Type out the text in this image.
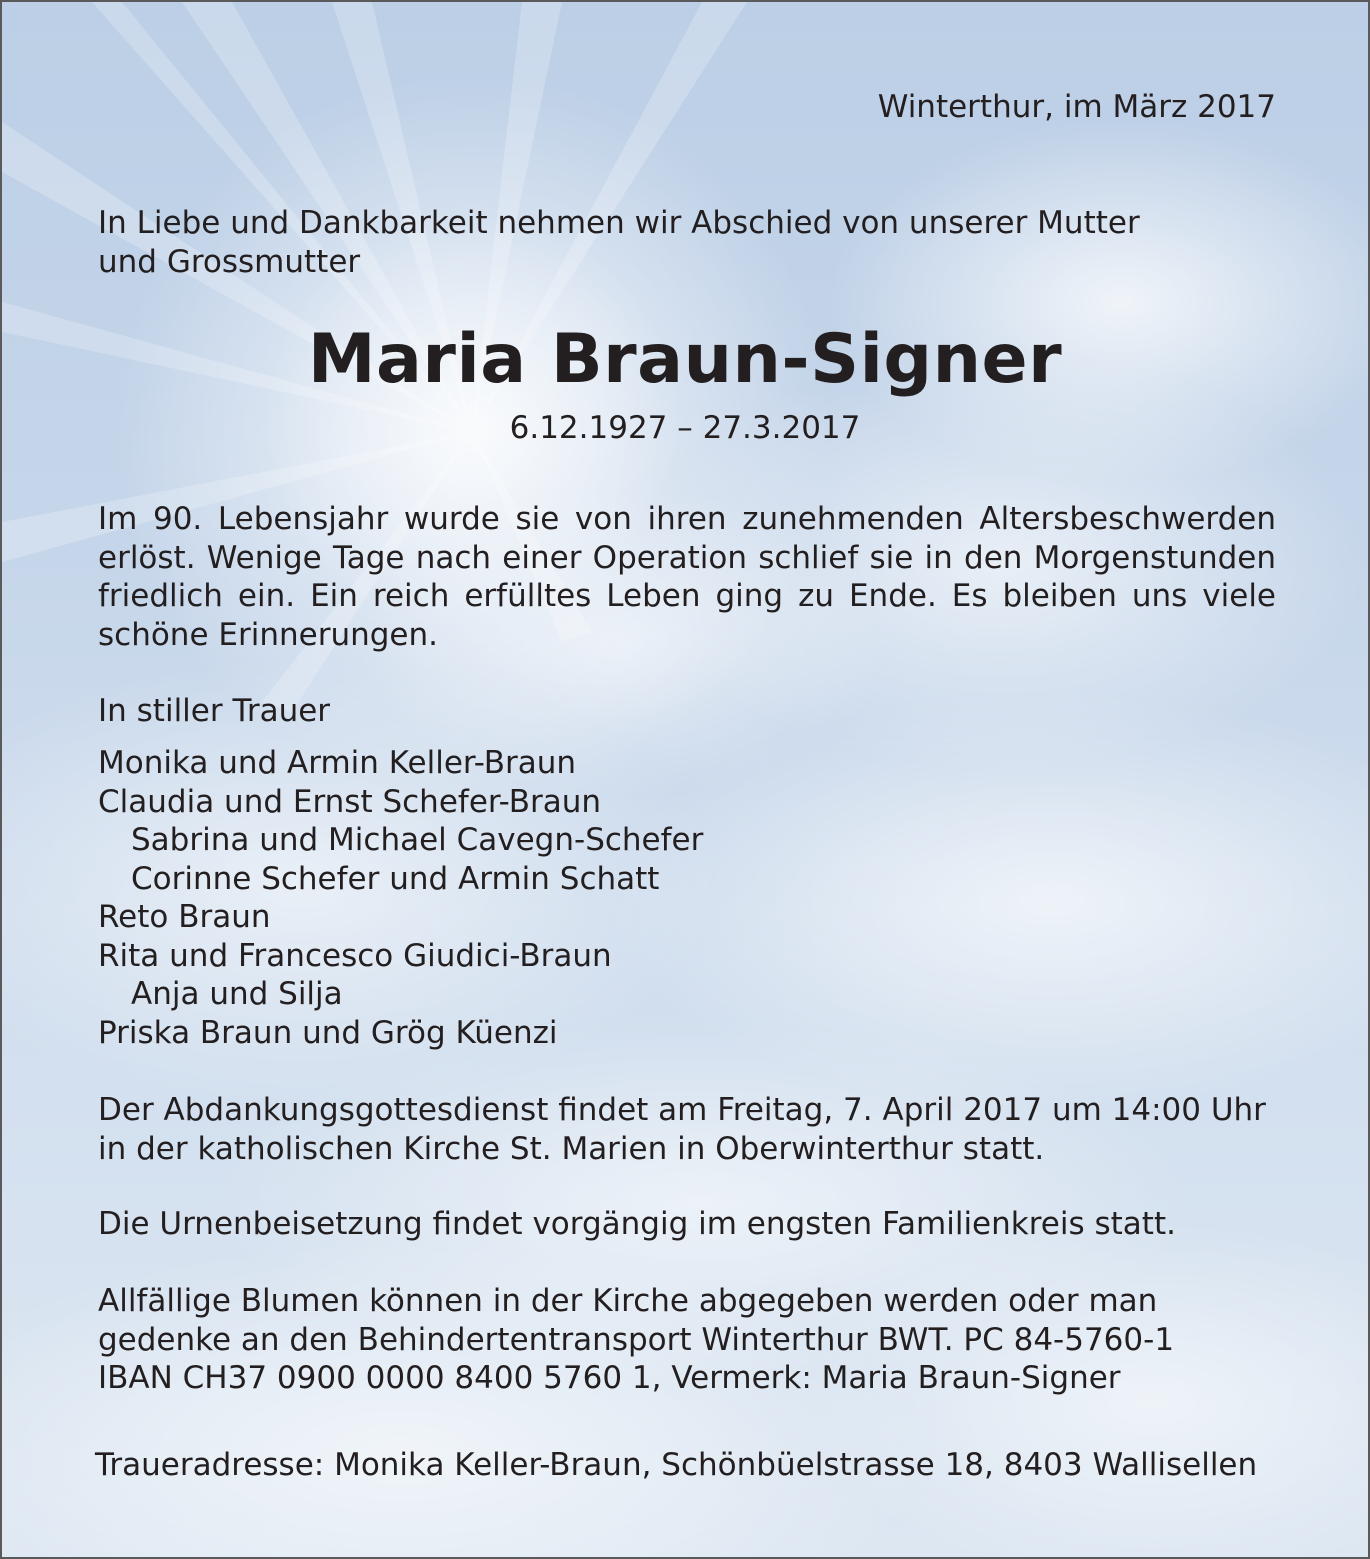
Winterthur, im März 2017
In Liebe und Dankbarkeit nehmen wir Abschied von unserer Mutter
und Grossmutter
Maria Braun-Signer
6.12.1927 – 27.3.2017
Im 90. Lebensjahr wurde sie von ihren zunehmenden Altersbeschwerden erlöst. Wenige Tage nach einer Operation schlief sie in den Morgenstunden friedlich ein. Ein reich erfülltes Leben ging zu Ende. Es bleiben uns viele schöne Erinnerungen.
In stiller Trauer
Monika und Armin Keller-Braun
Claudia und Ernst Schefer-Braun
Sabrina und Michael Cavegn-Schefer
Corinne Schefer und Armin Schatt
Reto Braun
Rita und Francesco Giudici-Braun
Anja und Silja
Priska Braun und Grög Küenzi
Der Abdankungsgottesdienst findet am Freitag, 7. April 2017 um 14:00 Uhr
in der katholischen Kirche St. Marien in Oberwinterthur statt.
Die Urnenbeisetzung findet vorgängig im engsten Familienkreis statt.
Allfällige Blumen können in der Kirche abgegeben werden oder man
gedenke an den Behindertentransport Winterthur BWT. PC 84-5760-1
IBAN CH37 0900 0000 8400 5760 1, Vermerk: Maria Braun-Signer
Traueradresse: Monika Keller-Braun, Schönbüelstrasse 18, 8403 Wallisellen
